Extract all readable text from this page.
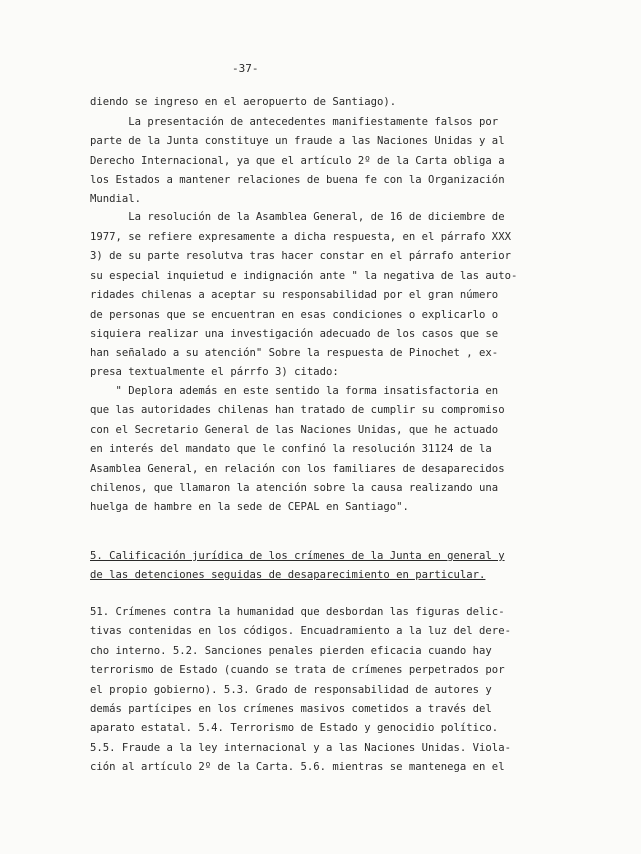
-37-
diendo se ingreso en el aeropuerto de Santiago).
La presentación de antecedentes manifiestamente falsos por
parte de la Junta constituye un fraude a las Naciones Unidas y al
Derecho Internacional, ya que el artículo 2º de la Carta obliga a
los Estados a mantener relaciones de buena fe con la Organización
Mundial.
La resolución de la Asamblea General, de 16 de diciembre de
1977, se refiere expresamente a dicha respuesta, en el párrafo XXX
3) de su parte resolutva tras hacer constar en el párrafo anterior
su especial inquietud e indignación ante " la negativa de las auto-
ridades chilenas a aceptar su responsabilidad por el gran número
de personas que se encuentran en esas condiciones o explicarlo o
siquiera realizar una investigación adecuado de los casos que se
han señalado a su atención" Sobre la respuesta de Pinochet , ex-
presa textualmente el párrfo 3) citado:
" Deplora además en este sentido la forma insatisfactoria en
que las autoridades chilenas han tratado de cumplir su compromiso
con el Secretario General de las Naciones Unidas, que he actuado
en interés del mandato que le confinó la resolución 31124 de la
Asamblea General, en relación con los familiares de desaparecidos
chilenos, que llamaron la atención sobre la causa realizando una
huelga de hambre en la sede de CEPAL en Santiago".
5. Calificación jurídica de los crímenes de la Junta en general y
de las detenciones seguidas de desaparecimiento en particular.
51. Crímenes contra la humanidad que desbordan las figuras delic-
tivas contenidas en los códigos. Encuadramiento a la luz del dere-
cho interno. 5.2. Sanciones penales pierden eficacia cuando hay
terrorismo de Estado (cuando se trata de crímenes perpetrados por
el propio gobierno). 5.3. Grado de responsabilidad de autores y
demás partícipes en los crímenes masivos cometidos a través del
aparato estatal. 5.4. Terrorismo de Estado y genocidio político.
5.5. Fraude a la ley internacional y a las Naciones Unidas. Viola-
ción al artículo 2º de la Carta. 5.6. mientras se mantenega en el
